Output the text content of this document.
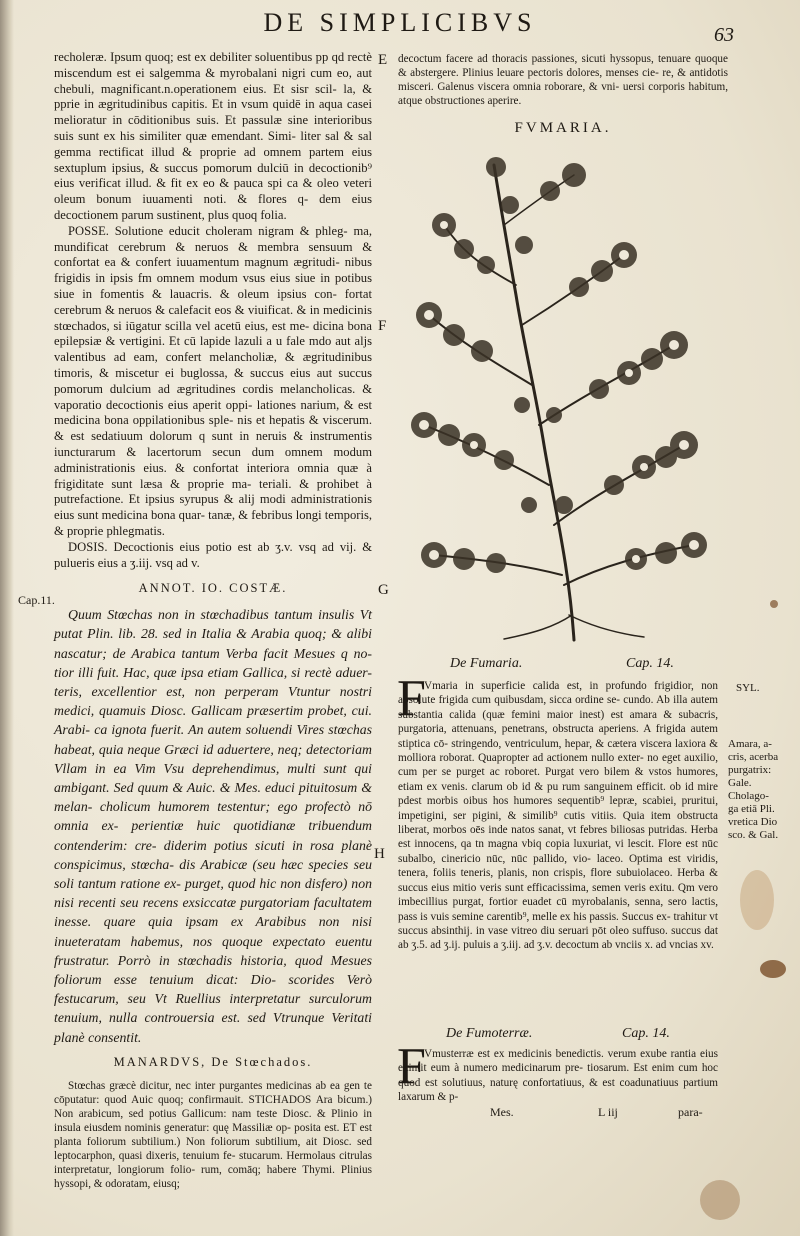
DE SIMPLICIBVS	63
E
F
G
H

recholeræ. Ipsum quoq; est ex debiliter soluentibus pp qd rectè miscendum est ei salgemma & myrobalani nigri cum eo, aut chebuli, magnificant.n.operationem eius. Et sisr scil- la, & pprie in ægritudinibus capitis. Et in vsum quidē in aqua casei melioratur in cōditionibus suis. Et passulæ sine interioribus suis sunt ex his similiter quæ emendant. Simi- liter sal & sal gemma rectificat illud & proprie ad omnem partem eius sextuplum ipsius, & succus pomorum dulciū in decoctionib⁹ eius verificat illud. & fit ex eo & pauca spi ca & oleo veteri oleum bonum iuuamenti noti. & flores q- dem eius decoctionem parum sustinent, plus quoq folia.

POSSE. Solutione educit choleram nigram & phleg- ma, mundificat cerebrum & neruos & membra sensuum & confortat ea & confert iuuamentum magnum ægritudi- nibus frigidis in ipsis fm omnem modum vsus eius siue in potibus siue in fomentis & lauacris. & oleum ipsius con- fortat cerebrum & neruos & calefacit eos & viuificat. & in medicinis stœchados, si iūgatur scilla vel acetū eius, est me- dicina bona epilepsiæ & vertigini. Et cū lapide lazuli a u fale mdo aut aljs valentibus ad eam, confert melancholiæ, & ægritudinibus timoris, & miscetur ei buglossa, & succus eius aut succus pomorum dulcium ad ægritudines cordis melancholicas. & vaporatio decoctionis eius aperit oppi- lationes narium, & est medicina bona oppilationibus sple- nis et hepatis & viscerum. & est sedatiuum dolorum q sunt in neruis & instrumentis iuncturarum & lacertorum secun dum omnem modum administrationis eius. & confortat interiora omnia quæ à frigiditate sunt læsa & proprie ma- teriali. & prohibet à putrefactione. Et ipsius syrupus & alij modi administrationis eius sunt medicina bona quar- tanæ, & febribus longi temporis, & proprie phlegmatis.

DOSIS. Decoctionis eius potio est ab ʒ.v. vsq ad vij. & pulueris eius a ʒ.iij. vsq ad v.

ANNOT. IO. COSTÆ.

Quum Stœchas non in stœchadibus tantum insulis Vt putat Plin. lib. 28. sed in Italia & Arabia quoq; & alibi nascatur; de Arabica tantum Verba facit Mesues q no- tior illi fuit. Hac, quæ ipsa etiam Gallica, si rectè aduer- teris, excellentior est, non perperam Vtuntur nostri medici, quamuis Diosc. Gallicam præsertim probet, cui. Arabi- ca ignota fuerit. An autem soluendi Vires stœchas habeat, quia neque Græci id aduertere, neq; detectoriam Vllam in ea Vim Vsu deprehendimus, multi sunt qui ambigant. Sed quum & Auic. & Mes. educi pituitosum & melan- cholicum humorem testentur; ego profectò nō omnia ex- perientiæ huic quotidianæ tribuendum contenderim: cre- diderim potius sicuti in rosa planè conspicimus, stœcha- dis Arabicæ (seu hæc species seu soli tantum ratione ex- purget, quod hic non disfero) non nisi recenti seu recens exsiccatæ purgatoriam facultatem inesse. quare quia ipsam ex Arabibus non nisi inueteratam habemus, nos quoque expectato euentu frustratur. Porrò in stœchadis historia, quod Mesues foliorum esse tenuium dicat: Dio- scorides Verò festucarum, seu Vt Ruellius interpretatur surculorum tenuium, nulla controuersia est. sed Vtrunque Veritati planè consentit.

MANARDVS, De Stœchados.

Stœchas græcè dicitur, nec inter purgantes medicinas ab ea gen te cōputatur: quod Auic quoq; confirmauit. STICHADOS Ara bicum.) Non arabicum, sed potius Gallicum: nam teste Diosc. & Plinio in insula eiusdem nominis generatur: quę Massiliæ op- posita est. ET est planta foliorum subtilium.) Non foliorum subtilium, ait Diosc. sed leptocarphon, quasi dixeris, tenuium fe- stucarum. Hermolaus citrulas interpretatur, longiorum folio- rum, comāq; habere Thymi. Plinius hyssopi, & odoratam, eiusq;

Cap.11.

decoctum facere ad thoracis passiones, sicuti hyssopus, tenuare quoque & abstergere. Plinius leuare pectoris dolores, menses cie- re, & antidotis misceri. Galenus viscera omnia roborare, & vni- uersi corporis habitum, atque obstructiones aperire.

FVMARIA.
De Fumaria.	Cap. 14.
F

Vmaria in superficie calida est, in profundo frigidior, non absolute frigida cum quibusdam, sicca ordine se- cundo. Ab illa autem substantia calida (quæ femini maior inest) est amara & subacris, purgatoria, attenuans, penetrans, obstructa aperiens. A frigida autem stiptica cō- stringendo, ventriculum, hepar, & cætera viscera laxiora & molliora roborat. Quapropter ad actionem nullo exter- no eget auxilio, cum per se purget ac roboret. Purgat vero bilem & vstos humores, etiam ex venis. clarum ob id & pu rum sanguinem efficit. ob id mire pdest morbis oibus hos humores sequentib⁹ lepræ, scabiei, pruritui, impetigini, ser pigini, & similib⁹ cutis vitiis. Quia item obstructa liberat, morbos oēs inde natos sanat, vt febres biliosas putridas. Herba est innocens, qa tn magna vbiq copia luxuriat, vi lescit. Flore est nūc subalbo, cinericio nūc, nūc pallido, vio- laceo. Optima est viridis, tenera, foliis teneris, planis, non crispis, flore subuiolaceo. Herba & succus eius mitio veris sunt efficacissima, semen veris exitu. Qm vero imbecillius purgat, fortior euadet cū myrobalanis, senna, sero lactis, pass is vuis semine carentib⁹, melle ex his passis. Succus ex- trahitur vt succus absinthij. in vase vitreo diu seruari pōt oleo suffuso. succus dat ab ʒ.5. ad ʒ.ij. puluis a ʒ.iij. ad ʒ.v. decoctum ab vnciis x. ad vncias xv.

SYL.
Amara, a-
cris, acerba
purgatrix:
Gale.
Cholago-
ga etiā Pli.
vretica Dio
sco. & Gal.
De Fumoterræ.	Cap. 14.
F

Vmusterræ est ex medicinis benedictis. verum exube rantia eius eximit eum à numero medicinarum pre- tiosarum. Est enim cum hoc quod est solutiuus, naturę confortatiuus, & est coadunatiuus partium laxarum & p-

Mes.	L iij	para-
